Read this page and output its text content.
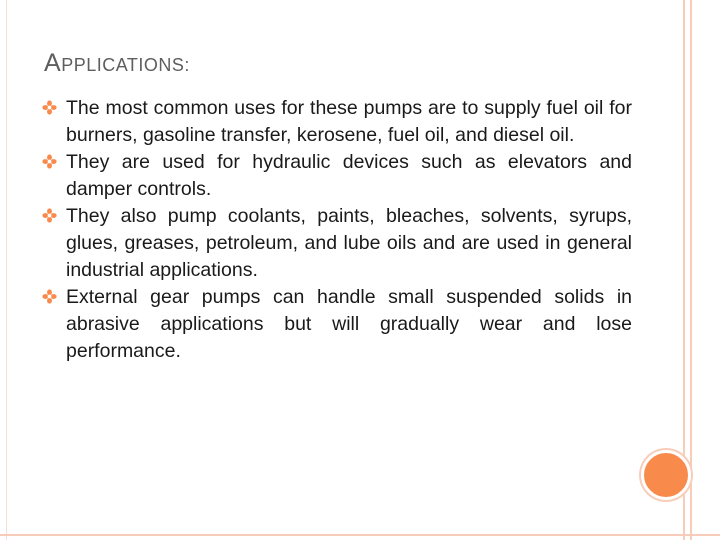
APPLICATIONS:
The most common uses for these pumps are to supply fuel oil for burners, gasoline transfer, kerosene, fuel oil, and diesel oil.
They are used for hydraulic devices such as elevators and damper controls.
They also pump coolants, paints, bleaches, solvents, syrups, glues, greases, petroleum, and lube oils and are used in general industrial applications.
External gear pumps can handle small suspended solids in abrasive applications but will gradually wear and lose performance.
